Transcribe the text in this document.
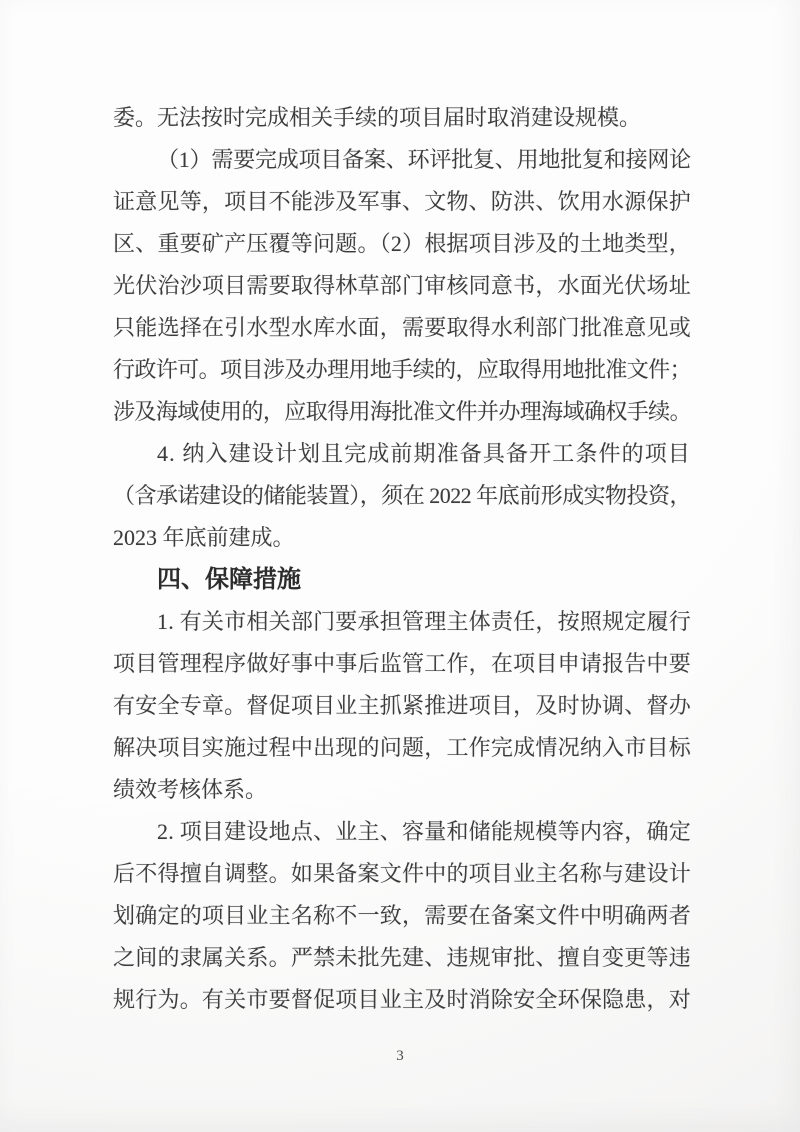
委。无法按时完成相关手续的项目届时取消建设规模。
（1）需要完成项目备案、环评批复、用地批复和接网论
证意见等，项目不能涉及军事、文物、防洪、饮用水源保护
区、重要矿产压覆等问题。（2）根据项目涉及的土地类型，
光伏治沙项目需要取得林草部门审核同意书，水面光伏场址
只能选择在引水型水库水面，需要取得水利部门批准意见或
行政许可。项目涉及办理用地手续的，应取得用地批准文件；
涉及海域使用的，应取得用海批准文件并办理海域确权手续。
4. 纳入建设计划且完成前期准备具备开工条件的项目
（含承诺建设的储能装置），须在 2022 年底前形成实物投资，
2023 年底前建成。
四、保障措施
1. 有关市相关部门要承担管理主体责任，按照规定履行
项目管理程序做好事中事后监管工作，在项目申请报告中要
有安全专章。督促项目业主抓紧推进项目，及时协调、督办
解决项目实施过程中出现的问题，工作完成情况纳入市目标
绩效考核体系。
2. 项目建设地点、业主、容量和储能规模等内容，确定
后不得擅自调整。如果备案文件中的项目业主名称与建设计
划确定的项目业主名称不一致，需要在备案文件中明确两者
之间的隶属关系。严禁未批先建、违规审批、擅自变更等违
规行为。有关市要督促项目业主及时消除安全环保隐患，对
3
